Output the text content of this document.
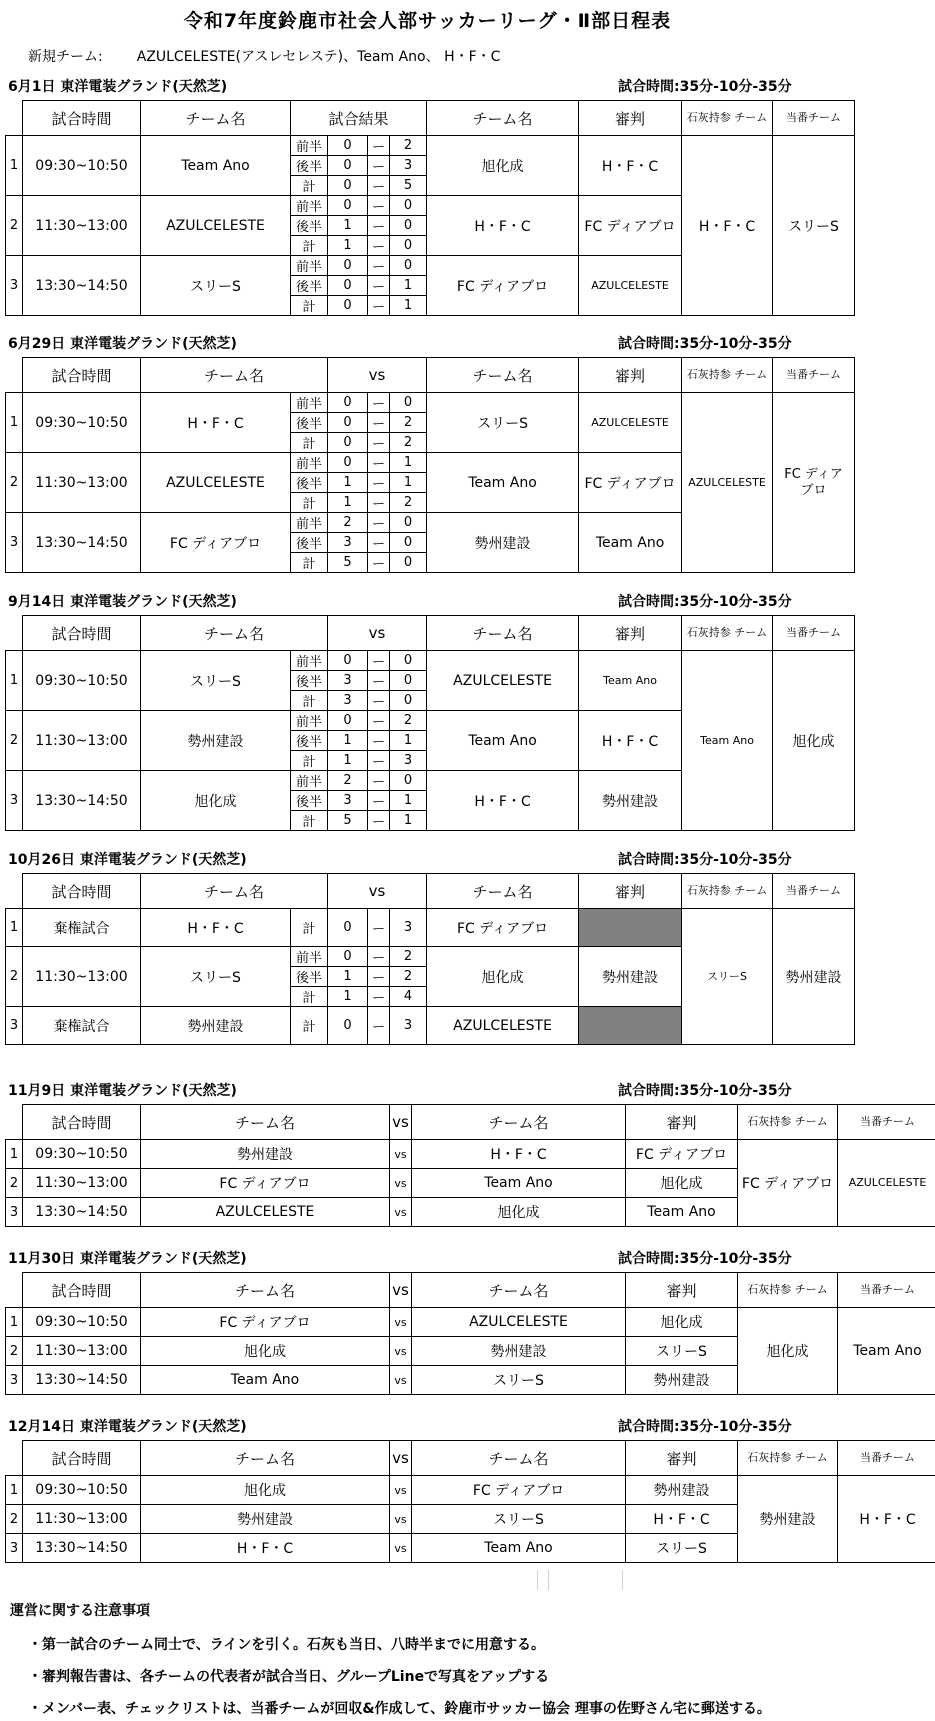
令和7年度鈴鹿市社会人部サッカーリーグ・Ⅱ部日程表
新規チーム: AZULCELESTE(アスレセレステ)、Team Ano、 H・F・C
6月1日 東洋電装グランド(天然芝)	試合時間:35分-10分-35分
	試合時間	チーム名	試合結果				チーム名	審判	石灰持参 チーム	当番チーム
1	09:30~10:50	Team Ano	前半	0	ー	2	旭化成	H・F・C	H・F・C	スリーS
			後半	0	ー	3				
			計	0	ー	5				
2	11:30~13:00	AZULCELESTE	前半	0	ー	0	H・F・C	FC ディアブロ		
			後半	1	ー	0				
			計	1	ー	0				
3	13:30~14:50	スリーS	前半	0	ー	0	FC ディアブロ	AZULCELESTE		
			後半	0	ー	1				
			計	0	ー	1				
6月29日 東洋電装グランド(天然芝)	試合時間:35分-10分-35分
	試合時間	チーム名		vs			チーム名	審判	石灰持参 チーム	当番チーム
1	09:30~10:50	H・F・C	前半	0	ー	0	スリーS	AZULCELESTE	AZULCELESTE	FC ディアブロ

			後半	0	ー	2				
			計	0	ー	2				
2	11:30~13:00	AZULCELESTE	前半	0	ー	1	Team Ano	FC ディアブロ		
			後半	1	ー	1				
			計	1	ー	2				
3	13:30~14:50	FC ディアブロ	前半	2	ー	0	勢州建設	Team Ano		
			後半	3	ー	0				
			計	5	ー	0				
9月14日 東洋電装グランド(天然芝)	試合時間:35分-10分-35分
	試合時間	チーム名		vs			チーム名	審判	石灰持参 チーム	当番チーム
1	09:30~10:50	スリーS	前半	0	ー	0	AZULCELESTE	Team Ano	Team Ano	旭化成
			後半	3	ー	0				
			計	3	ー	0				
2	11:30~13:00	勢州建設	前半	0	ー	2	Team Ano	H・F・C		
			後半	1	ー	1				
			計	1	ー	3				
3	13:30~14:50	旭化成	前半	2	ー	0	H・F・C	勢州建設		
			後半	3	ー	1				
			計	5	ー	1				
10月26日 東洋電装グランド(天然芝)	試合時間:35分-10分-35分
	試合時間	チーム名		vs			チーム名	審判	石灰持参 チーム	当番チーム
1	棄権試合	H・F・C	計	0	ー	3	FC ディアブロ		スリーS	勢州建設
2	11:30~13:00	スリーS	前半	0	ー	2	旭化成	勢州建設		
			後半	1	ー	2				
			計	1	ー	4				
3	棄権試合	勢州建設	計	0	ー	3	AZULCELESTE			
11月9日 東洋電装グランド(天然芝)	試合時間:35分-10分-35分
	試合時間	チーム名	vs	チーム名	審判	石灰持参 チーム	当番チーム
1	09:30~10:50	勢州建設	vs	H・F・C	FC ディアブロ	FC ディアブロ	AZULCELESTE

2	11:30~13:00	FC ディアブロ	vs	Team Ano	旭化成		
3	13:30~14:50	AZULCELESTE	vs	旭化成	Team Ano		
11月30日 東洋電装グランド(天然芝)	試合時間:35分-10分-35分
	試合時間	チーム名	vs	チーム名	審判	石灰持参 チーム	当番チーム
1	09:30~10:50	FC ディアブロ	vs	AZULCELESTE	旭化成	旭化成	Team Ano
2	11:30~13:00	旭化成	vs	勢州建設	スリーS		
3	13:30~14:50	Team Ano	vs	スリーS	勢州建設		
12月14日 東洋電装グランド(天然芝)	試合時間:35分-10分-35分
	試合時間	チーム名	vs	チーム名	審判	石灰持参 チーム	当番チーム
1	09:30~10:50	旭化成	vs	FC ディアブロ	勢州建設	勢州建設	H・F・C
2	11:30~13:00	勢州建設	vs	スリーS	H・F・C		
3	13:30~14:50	H・F・C	vs	Team Ano	スリーS		
運営に関する注意事項
・第一試合のチーム同士で、ラインを引く。石灰も当日、八時半までに用意する。
・審判報告書は、各チームの代表者が試合当日、グループLineで写真をアップする
・メンバー表、チェックリストは、当番チームが回収&作成して、鈴鹿市サッカー協会 理事の佐野さん宅に郵送する。
